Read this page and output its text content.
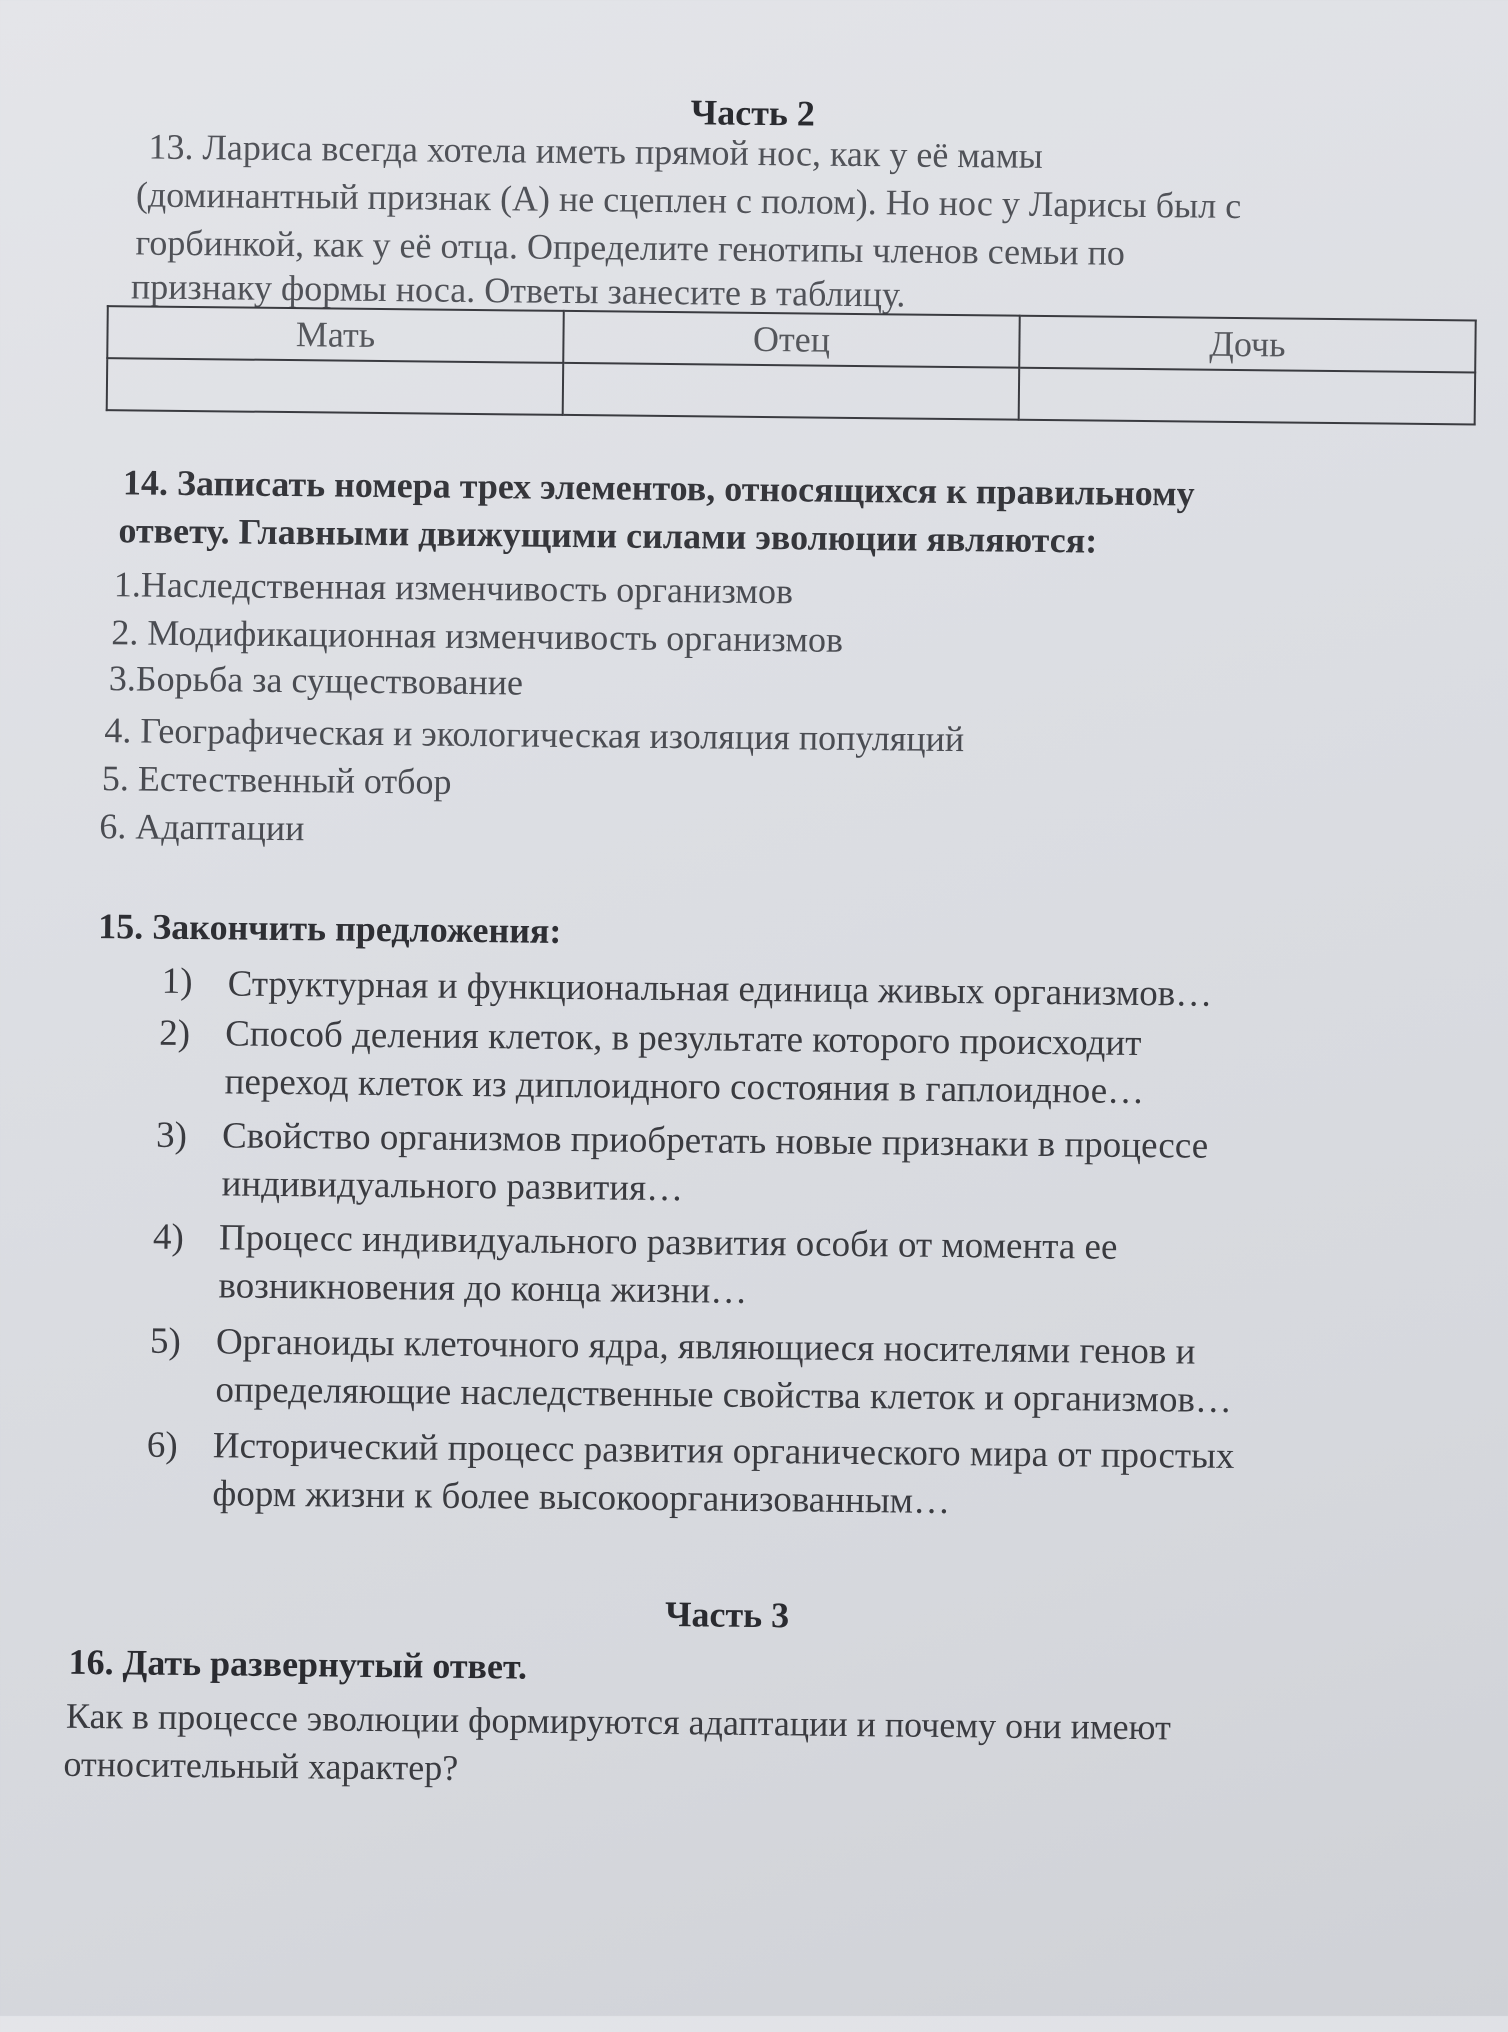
Часть 2
13. Лариса всегда хотела иметь прямой нос, как у её мамы
(доминантный признак (А) не сцеплен с полом). Но нос у Ларисы был с
горбинкой, как у её отца. Определите генотипы членов семьи по
признаку формы носа. Ответы занесите в таблицу.
Мать	Отец	Дочь

14. Записать номера трех элементов, относящихся к правильному
ответу. Главными движущими силами эволюции являются:
1.Наследственная изменчивость организмов
2. Модификационная изменчивость организмов
3.Борьба за существование
4. Географическая и экологическая изоляция популяций
5. Естественный отбор
6. Адаптации
15. Закончить предложения:
1) Структурная и функциональная единица живых организмов…
2) Способ деления клеток, в результате которого происходит
переход клеток из диплоидного состояния в гаплоидное…
3) Свойство организмов приобретать новые признаки в процессе
индивидуального развития…
4) Процесс индивидуального развития особи от момента ее
возникновения до конца жизни…
5) Органоиды клеточного ядра, являющиеся носителями генов и
определяющие наследственные свойства клеток и организмов…
6) Исторический процесс развития органического мира от простых
форм жизни к более высокоорганизованным…
Часть 3
16. Дать развернутый ответ.
Как в процессе эволюции формируются адаптации и почему они имеют
относительный характер?
